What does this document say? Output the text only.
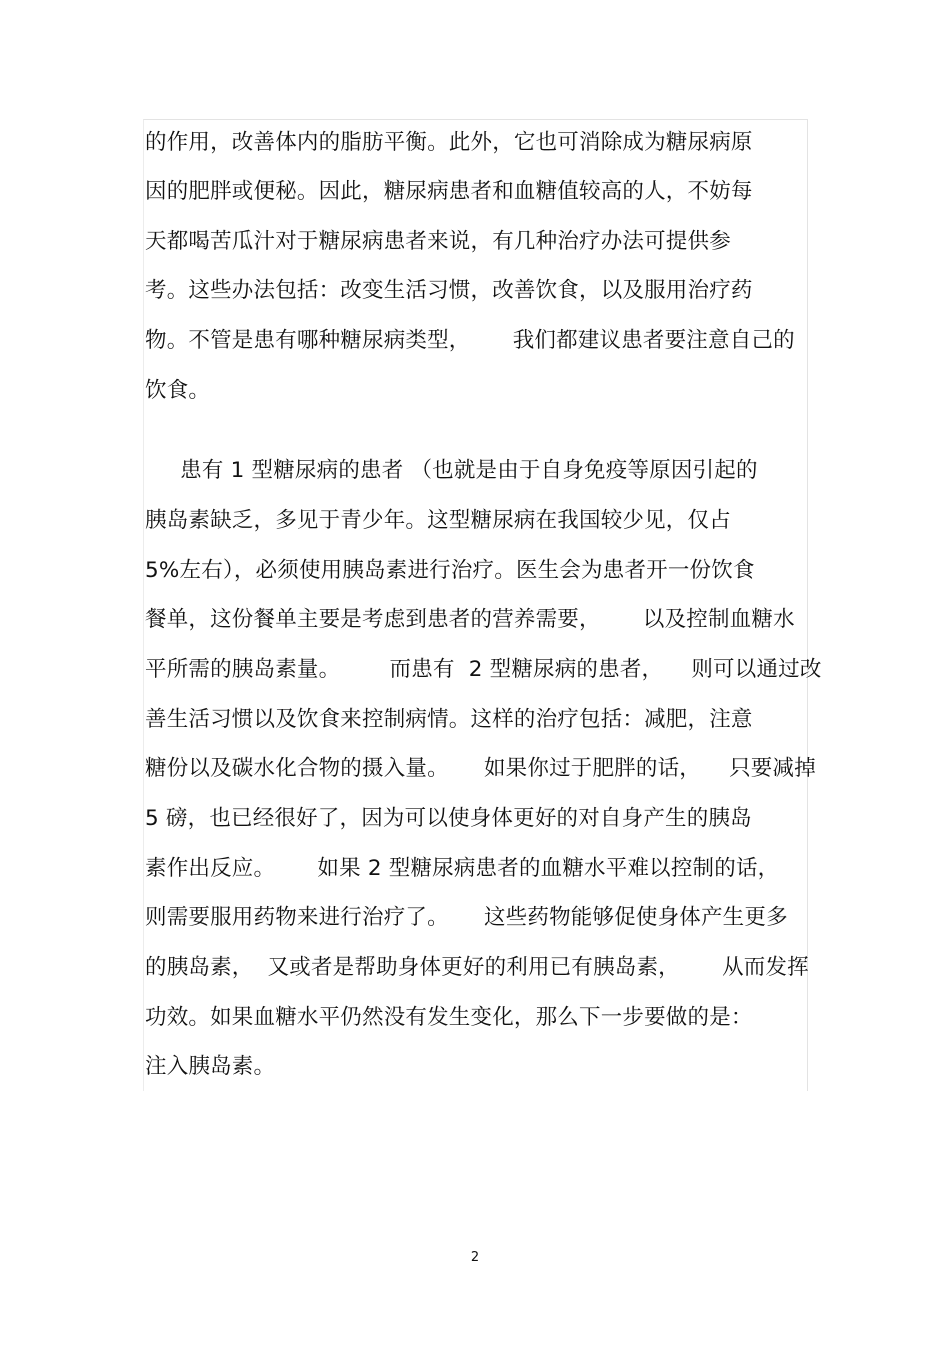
的作用，改善体内的脂肪平衡。此外，它也可消除成为糖尿病原

因的肥胖或便秘。因此，糖尿病患者和血糖值较高的人，不妨每

天都喝苦瓜汁对于糖尿病患者来说，有几种治疗办法可提供参

考。这些办法包括：改变生活习惯，改善饮食，以及服用治疗药

物。不管是患有哪种糖尿病类型，      我们都建议患者要注意自己的

饮食。

患有 1 型糖尿病的患者 （也就是由于自身免疫等原因引起的

胰岛素缺乏，多见于青少年。这型糖尿病在我国较少见，仅占

5%左右），必须使用胰岛素进行治疗。医生会为患者开一份饮食

餐单，这份餐单主要是考虑到患者的营养需要，      以及控制血糖水

平所需的胰岛素量。       而患有  2 型糖尿病的患者，    则可以通过改

善生活习惯以及饮食来控制病情。这样的治疗包括：减肥，注意

糖份以及碳水化合物的摄入量。     如果你过于肥胖的话，    只要减掉

5 磅，也已经很好了，因为可以使身体更好的对自身产生的胰岛

素作出反应。      如果 2 型糖尿病患者的血糖水平难以控制的话，

则需要服用药物来进行治疗了。     这些药物能够促使身体产生更多

的胰岛素，  又或者是帮助身体更好的利用已有胰岛素，      从而发挥

功效。如果血糖水平仍然没有发生变化，那么下一步要做的是：

注入胰岛素。

2
